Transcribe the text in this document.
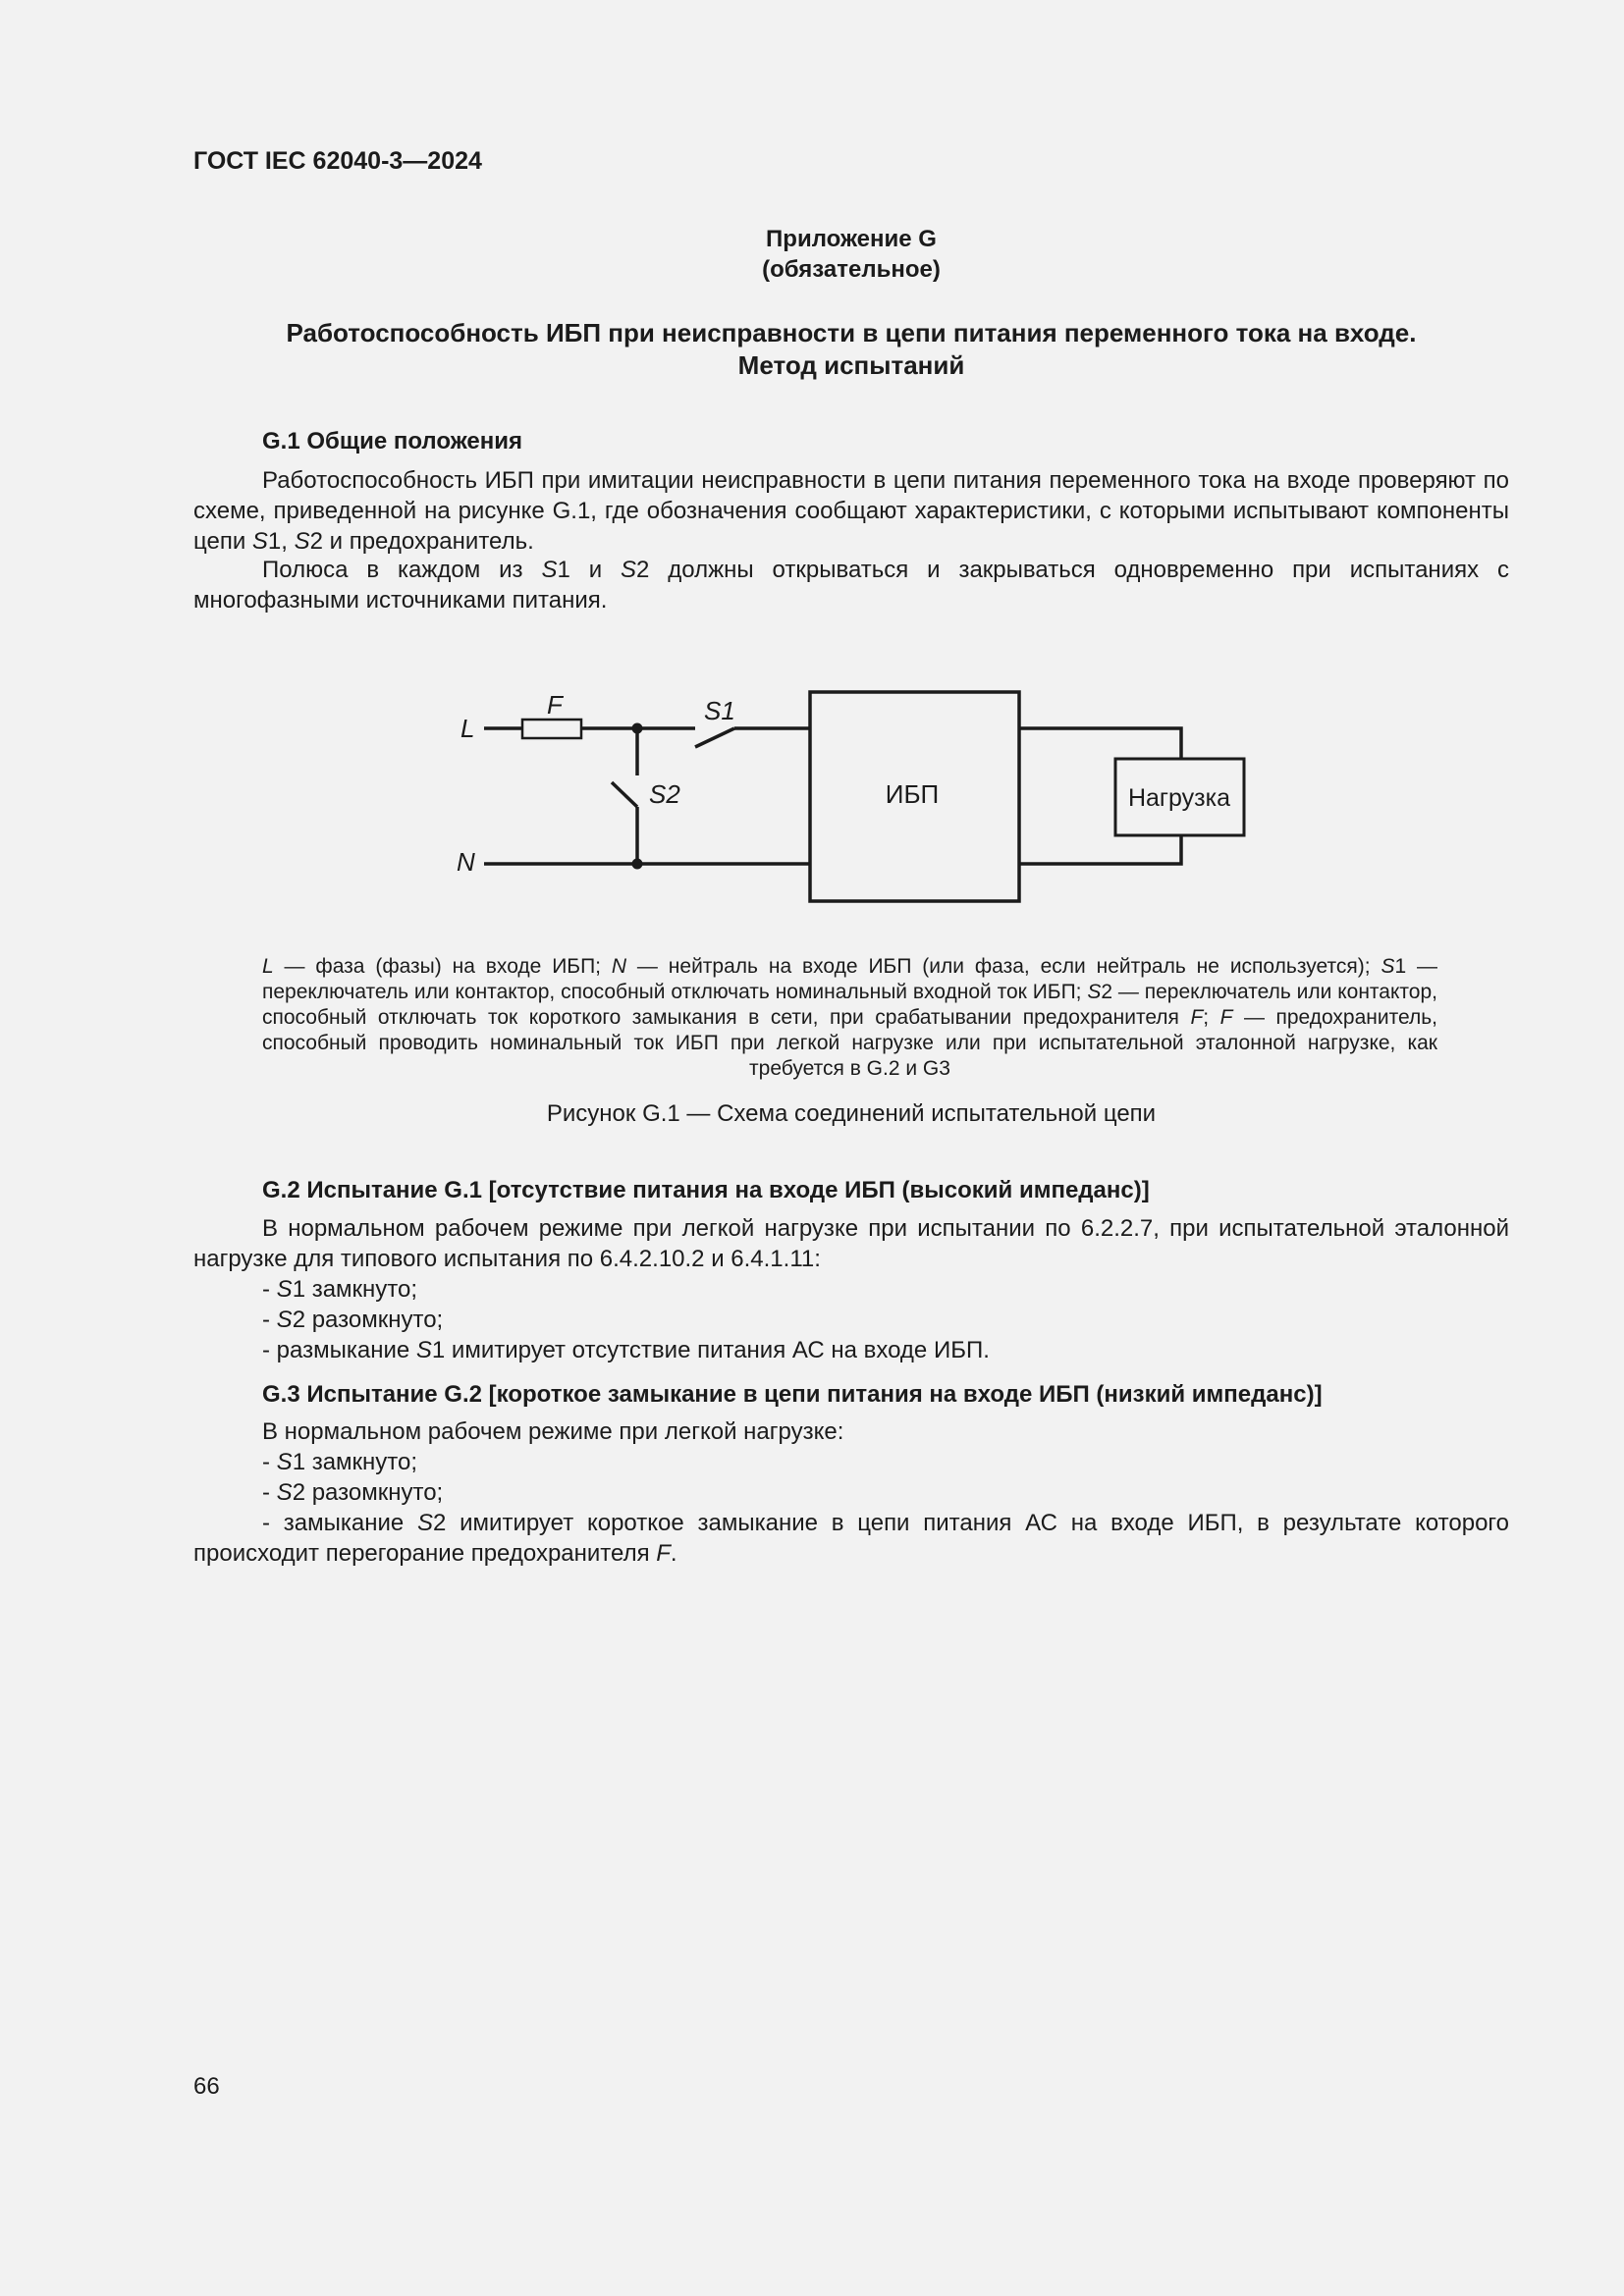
ГОСТ IEC 62040-3—2024

Приложение G

(обязательное)

Работоспособность ИБП при неисправности в цепи питания переменного тока на входе.

Метод испытаний

G.1 Общие положения

Работоспособность ИБП при имитации неисправности в цепи питания переменного тока на входе проверяют по схеме, приведенной на рисунке G.1, где обозначения сообщают характеристики, с которыми испытывают компоненты цепи S1, S2 и предохранитель.

Полюса в каждом из S1 и S2 должны открываться и закрываться одновременно при испытаниях с многофазными источниками питания.

L
F	S1
S2
N
ИБП	Нагрузка

L — фаза (фазы) на входе ИБП; N — нейтраль на входе ИБП (или фаза, если нейтраль не используется); S1 — переключатель или контактор, способный отключать номинальный входной ток ИБП; S2 — переключатель или контактор, способный отключать ток короткого замыкания в сети, при срабатывании предохранителя F; F — предохранитель, способный проводить номинальный ток ИБП при легкой нагрузке или при испытательной эталонной нагрузке, как требуется в G.2 и G3

Рисунок G.1 — Схема соединений испытательной цепи

G.2 Испытание G.1 [отсутствие питания на входе ИБП (высокий импеданс)]

В нормальном рабочем режиме при легкой нагрузке при испытании по 6.2.2.7, при испытательной эталонной нагрузке для типового испытания по 6.4.2.10.2 и 6.4.1.11:

- S1 замкнуто;

- S2 разомкнуто;

- размыкание S1 имитирует отсутствие питания АС на входе ИБП.

G.3 Испытание G.2 [короткое замыкание в цепи питания на входе ИБП (низкий импеданс)]

В нормальном рабочем режиме при легкой нагрузке:

- S1 замкнуто;

- S2 разомкнуто;

- замыкание S2 имитирует короткое замыкание в цепи питания АС на входе ИБП, в результате которого происходит перегорание предохранителя F.

66
